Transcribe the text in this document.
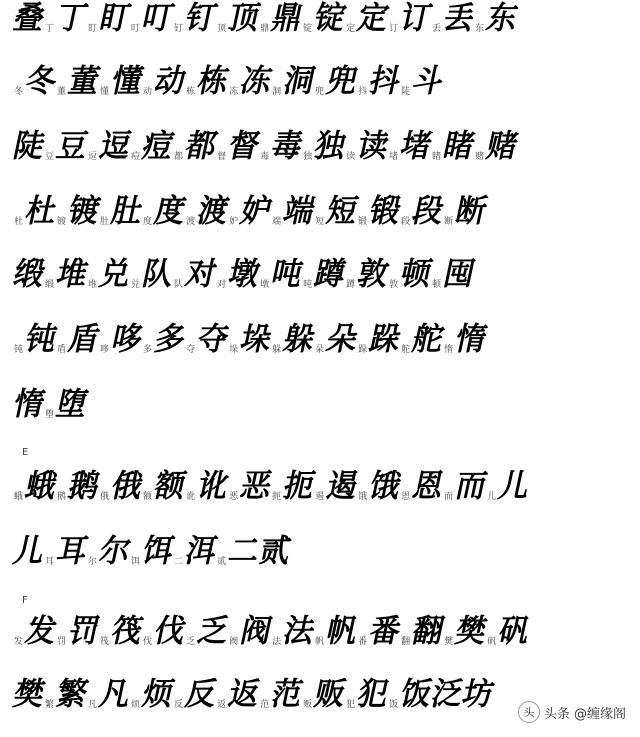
叠
丁 丁
盯 盯
叮 叮
钉 钉
顶 顶
鼎 鼎
锭 锭
定 定
订 订
丢 丢
东 东
冬 冬
董 董
懂 懂
动 动
栋 栋
冻 冻
洞 洞
兜 兜
抖 抖
陡 斗
陡
豆 豆
逗 逗
痘 痘
都 都
督 督
毒 毒
独 独
读 读
堵 堵
睹 睹
赌 赌
杜 杜
镀 镀
肚 肚
度 度
渡 渡
妒 妒
端 端
短 短
锻 锻
段 段
断 断
缎
缎 堆
堆 兑
兑 队
队 对
对 墩
墩 吨
吨 蹲
蹲 敦
敦 顿
顿 囤
钝 钝
盾 盾
哆 哆
多 多
夺 夺
垛 垛
躲 躲
朵 朵
跺 跺
舵 舵
惰 惰
惰
堕 堕
蛾 蛾
鹅 鹅
俄 俄
额 额
讹 讹
恶 恶
扼 扼
遏 遏
饿 饿
恩 恩
而 而
儿 儿
儿
耳 耳
尔 尔
饵 饵
二 洱
贰 二
贰
发 发
罚 罚
筏 筏
伐 伐
乏 乏
阀 阀
法 法
帆 帆
番 番
翻 翻
樊 樊
矾 矾
樊
繁 繁
凡 凡
烦 烦
反 反
返 返
范 范
贩 贩
犯 犯
饭 饭
泛
坊
E
F
头 头条 @缠缘阁
